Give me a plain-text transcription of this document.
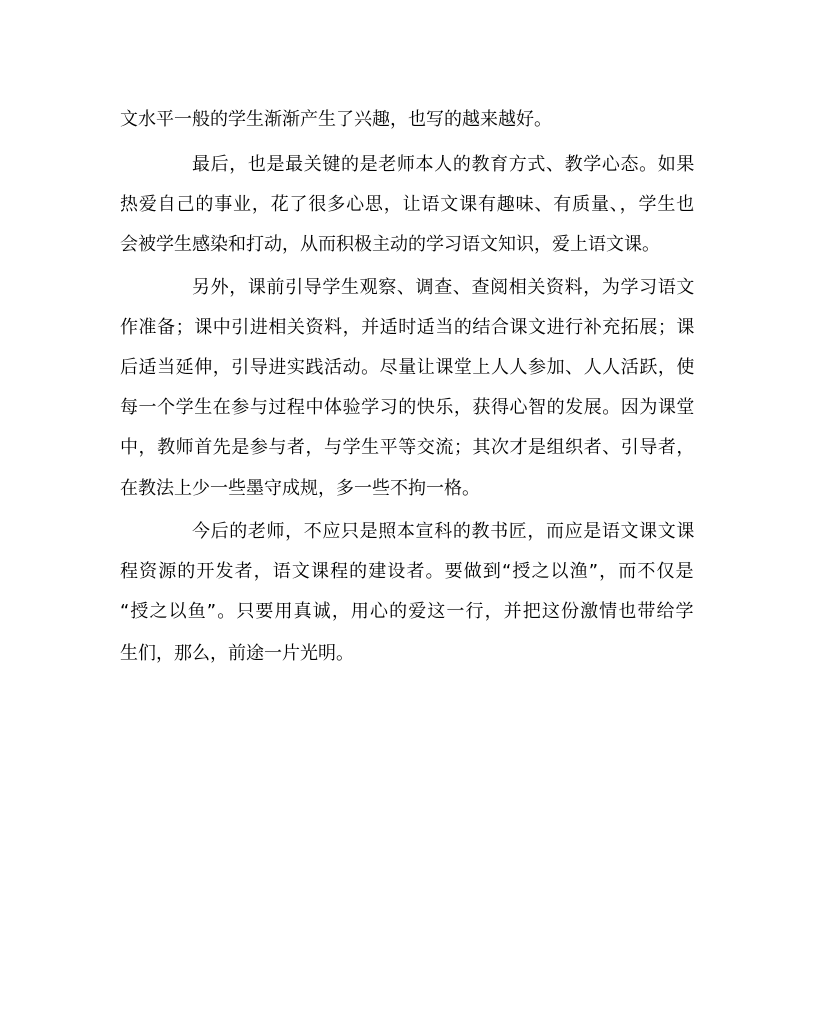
文水平一般的学生渐渐产生了兴趣，也写的越来越好。
最后，也是最关键的是老师本人的教育方式、教学心态。如果
热爱自己的事业，花了很多心思，让语文课有趣味、有质量、，学生也
会被学生感染和打动，从而积极主动的学习语文知识，爱上语文课。
另外，课前引导学生观察、调查、查阅相关资料，为学习语文
作准备；课中引进相关资料，并适时适当的结合课文进行补充拓展；课
后适当延伸，引导进实践活动。尽量让课堂上人人参加、人人活跃，使
每一个学生在参与过程中体验学习的快乐，获得心智的发展。因为课堂
中，教师首先是参与者，与学生平等交流；其次才是组织者、引导者，
在教法上少一些墨守成规，多一些不拘一格。
今后的老师，不应只是照本宣科的教书匠，而应是语文课文课
程资源的开发者，语文课程的建设者。要做到“授之以渔”，而不仅是
“授之以鱼”。只要用真诚，用心的爱这一行，并把这份激情也带给学
生们，那么，前途一片光明。
